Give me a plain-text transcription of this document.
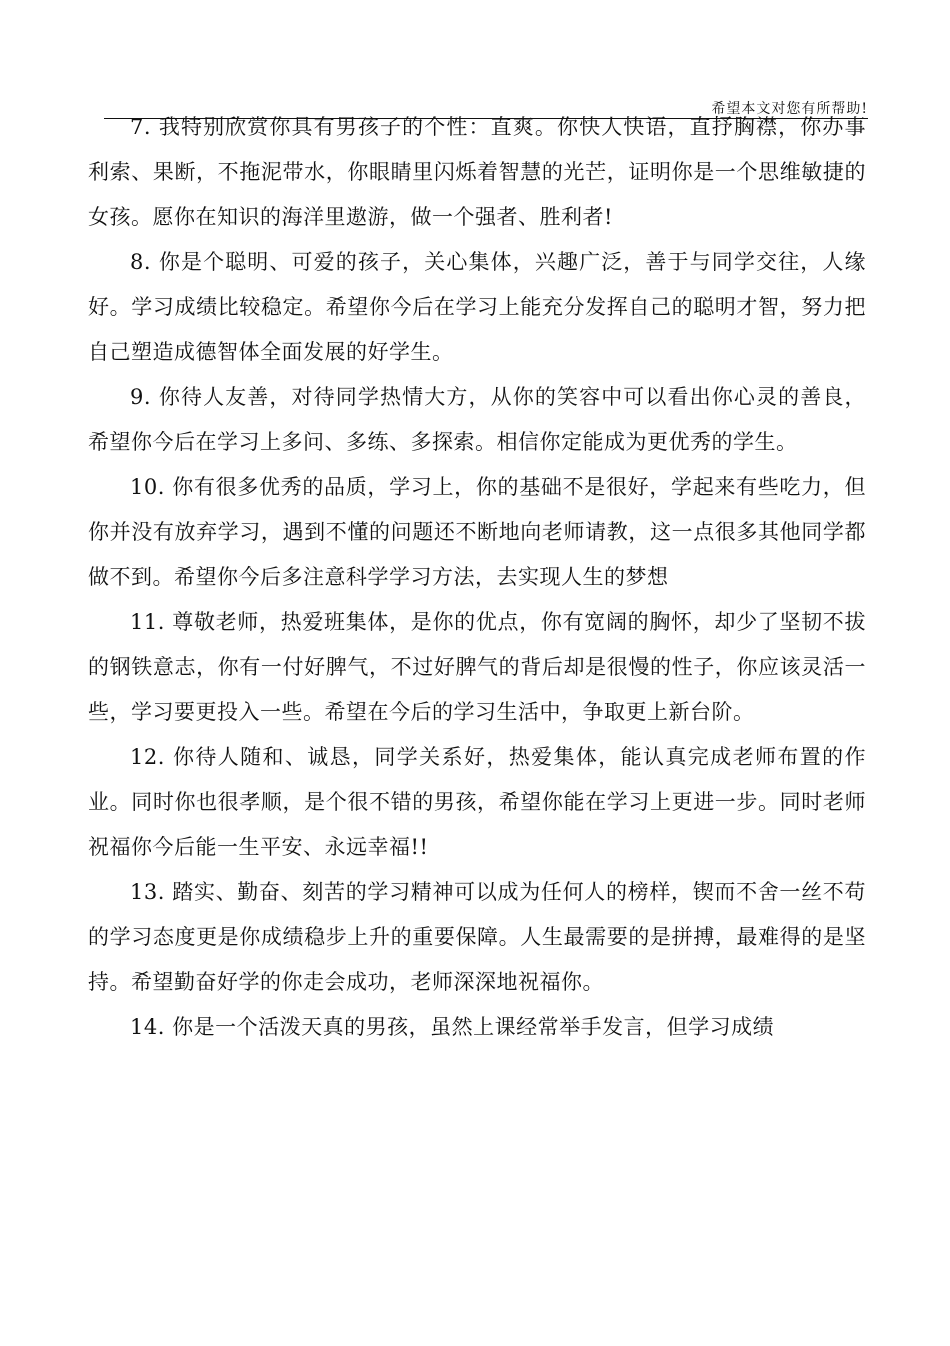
希望本文对您有所帮助!

7. 我特别欣赏你具有男孩子的个性：直爽。你快人快语，直抒胸襟，你办事利索、果断，不拖泥带水，你眼睛里闪烁着智慧的光芒，证明你是一个思维敏捷的女孩。愿你在知识的海洋里遨游，做一个强者、胜利者!

8. 你是个聪明、可爱的孩子，关心集体，兴趣广泛，善于与同学交往，人缘好。学习成绩比较稳定。希望你今后在学习上能充分发挥自己的聪明才智，努力把自己塑造成德智体全面发展的好学生。

9. 你待人友善，对待同学热情大方，从你的笑容中可以看出你心灵的善良，希望你今后在学习上多问、多练、多探索。相信你定能成为更优秀的学生。

10. 你有很多优秀的品质，学习上，你的基础不是很好，学起来有些吃力，但你并没有放弃学习，遇到不懂的问题还不断地向老师请教，这一点很多其他同学都做不到。希望你今后多注意科学学习方法，去实现人生的梦想

11. 尊敬老师，热爱班集体，是你的优点，你有宽阔的胸怀，却少了坚韧不拔的钢铁意志，你有一付好脾气，不过好脾气的背后却是很慢的性子，你应该灵活一些，学习要更投入一些。希望在今后的学习生活中，争取更上新台阶。

12. 你待人随和、诚恳，同学关系好，热爱集体，能认真完成老师布置的作业。同时你也很孝顺，是个很不错的男孩，希望你能在学习上更进一步。同时老师祝福你今后能一生平安、永远幸福!!

13. 踏实、勤奋、刻苦的学习精神可以成为任何人的榜样，锲而不舍一丝不苟的学习态度更是你成绩稳步上升的重要保障。人生最需要的是拼搏，最难得的是坚持。希望勤奋好学的你走会成功，老师深深地祝福你。

14. 你是一个活泼天真的男孩，虽然上课经常举手发言，但学习成绩
